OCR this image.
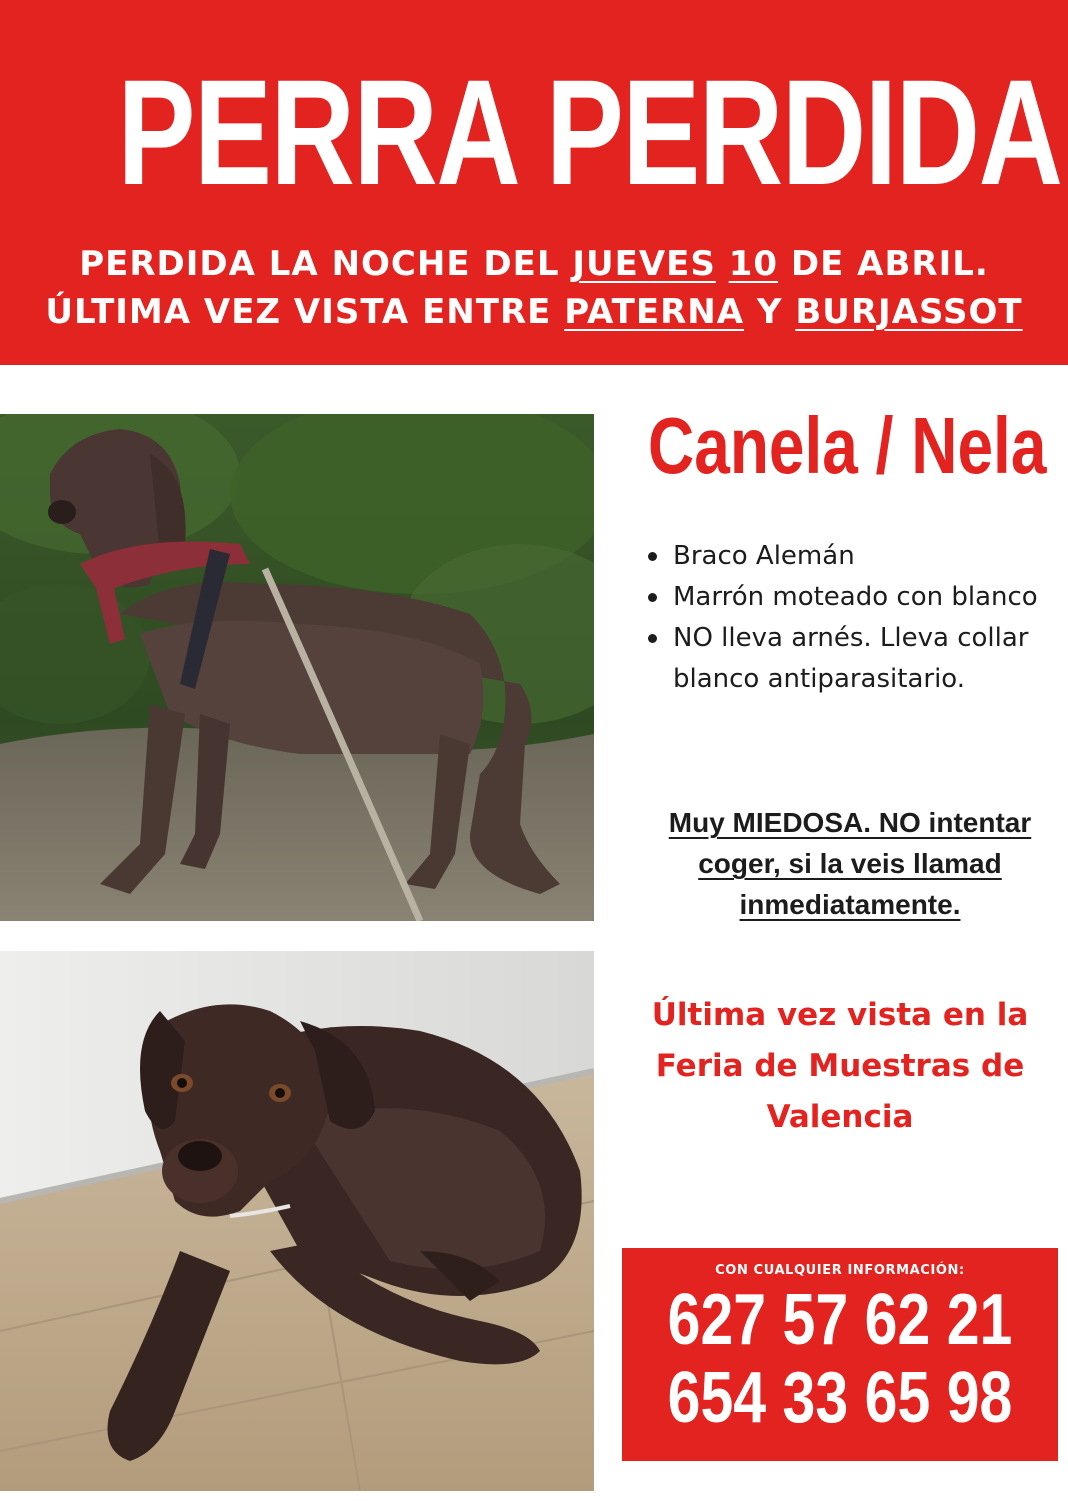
PERRA PERDIDA
PERDIDA LA NOCHE DEL JUEVES 10 DE ABRIL.
ÚLTIMA VEZ VISTA ENTRE PATERNA Y BURJASSOT
Canela / Nela
Braco Alemán
Marrón moteado con blanco
NO lleva arnés. Lleva collar blanco antiparasitario.
Muy MIEDOSA. NO intentar coger, si la veis llamad inmediatamente.
Última vez vista en la Feria de Muestras de Valencia
CON CUALQUIER INFORMACIÓN:
627 57 62 21
654 33 65 98
